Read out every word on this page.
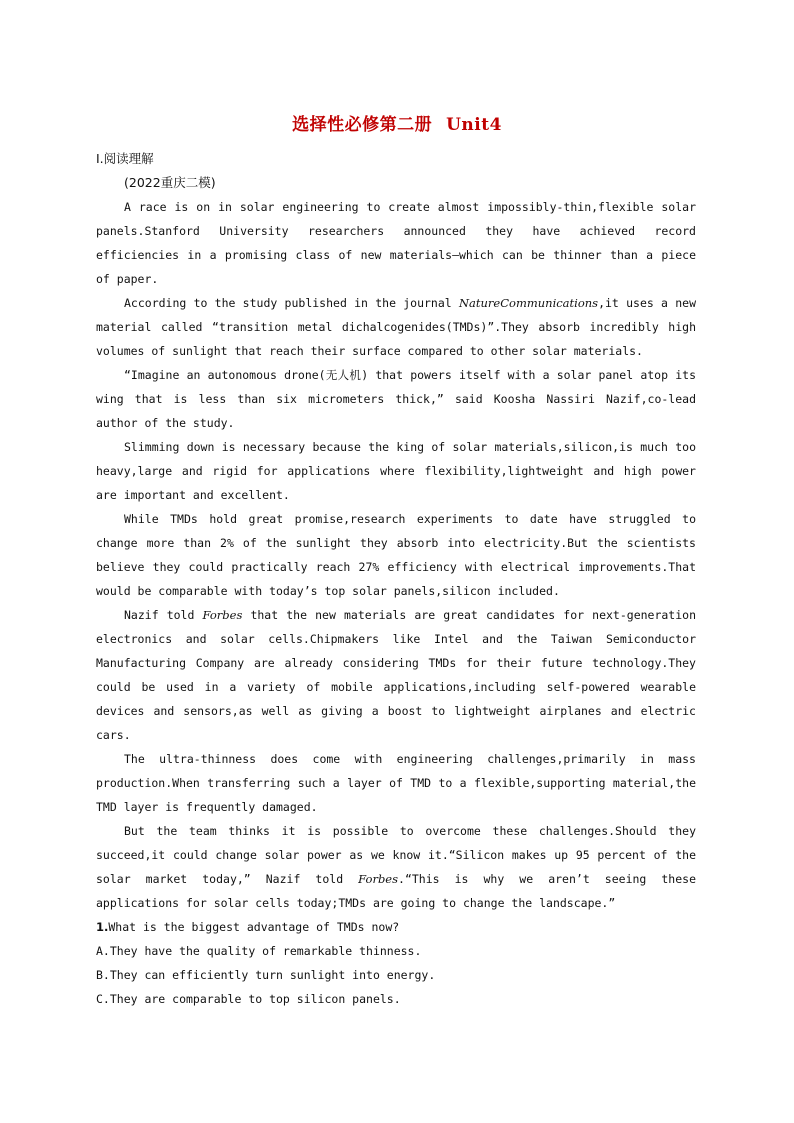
选择性必修第二册 Unit4
Ⅰ.阅读理解
(2022重庆二模)

A race is on in solar engineering to create almost impossibly-thin,flexible solar panels.Stanford University researchers announced they have achieved record efficiencies in a promising class of new materials—which can be thinner than a piece of paper.

According to the study published in the journal NatureCommunications,it uses a new material called “transition metal dichalcogenides(TMDs)”.They absorb incredibly high volumes of sunlight that reach their surface compared to other solar materials.

“Imagine an autonomous drone(无人机) that powers itself with a solar panel atop its wing that is less than six micrometers thick,” said Koosha Nassiri Nazif,co-lead author of the study.

Slimming down is necessary because the king of solar materials,silicon,is much too heavy,large and rigid for applications where flexibility,lightweight and high power are important and excellent.

While TMDs hold great promise,research experiments to date have struggled to change more than 2% of the sunlight they absorb into electricity.But the scientists believe they could practically reach 27% efficiency with electrical improvements.That would be comparable with today’s top solar panels,silicon included.

Nazif told Forbes that the new materials are great candidates for next-generation electronics and solar cells.Chipmakers like Intel and the Taiwan Semiconductor Manufacturing Company are already considering TMDs for their future technology.They could be used in a variety of mobile applications,including self-powered wearable devices and sensors,as well as giving a boost to lightweight airplanes and electric cars.

The ultra-thinness does come with engineering challenges,primarily in mass production.When transferring such a layer of TMD to a flexible,supporting material,the TMD layer is frequently damaged.

But the team thinks it is possible to overcome these challenges.Should they succeed,it could change solar power as we know it.“Silicon makes up 95 percent of the solar market today,” Nazif told Forbes.“This is why we aren’t seeing these applications for solar cells today;TMDs are going to change the landscape.”

1.What is the biggest advantage of TMDs now?

A.They have the quality of remarkable thinness.

B.They can efficiently turn sunlight into energy.

C.They are comparable to top silicon panels.
